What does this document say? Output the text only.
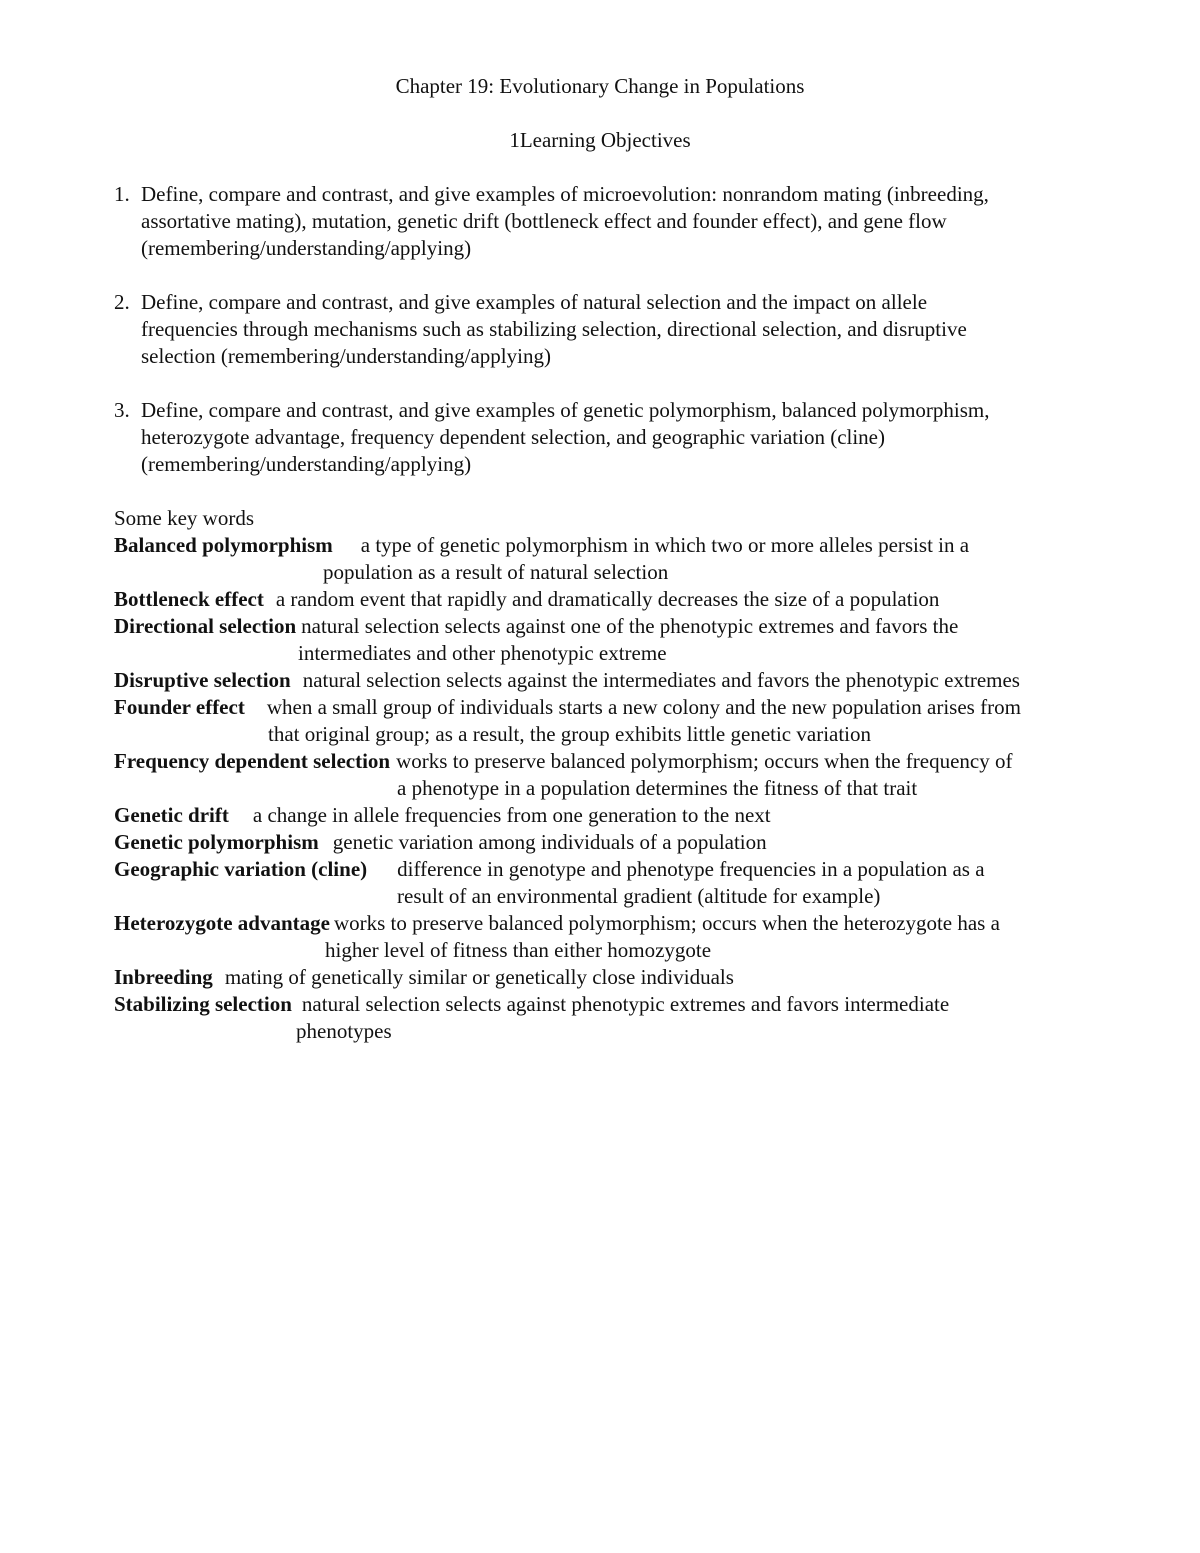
Chapter 19: Evolutionary Change in Populations
1Learning Objectives
1. Define, compare and contrast, and give examples of microevolution: nonrandom mating (inbreeding,
assortative mating), mutation, genetic drift (bottleneck effect and founder effect), and gene flow
(remembering/understanding/applying)
2. Define, compare and contrast, and give examples of natural selection and the impact on allele
frequencies through mechanisms such as stabilizing selection, directional selection, and disruptive
selection (remembering/understanding/applying)
3. Define, compare and contrast, and give examples of genetic polymorphism, balanced polymorphism,
heterozygote advantage, frequency dependent selection, and geographic variation (cline)
(remembering/understanding/applying)
Some key words
Balanced polymorphism a type of genetic polymorphism in which two or more alleles persist in a
population as a result of natural selection
Bottleneck effect a random event that rapidly and dramatically decreases the size of a population
Directional selection natural selection selects against one of the phenotypic extremes and favors the
intermediates and other phenotypic extreme
Disruptive selection natural selection selects against the intermediates and favors the phenotypic extremes
Founder effect when a small group of individuals starts a new colony and the new population arises from
that original group; as a result, the group exhibits little genetic variation
Frequency dependent selection works to preserve balanced polymorphism; occurs when the frequency of
a phenotype in a population determines the fitness of that trait
Genetic drift a change in allele frequencies from one generation to the next
Genetic polymorphism genetic variation among individuals of a population
Geographic variation (cline) difference in genotype and phenotype frequencies in a population as a
result of an environmental gradient (altitude for example)
Heterozygote advantage works to preserve balanced polymorphism; occurs when the heterozygote has a
higher level of fitness than either homozygote
Inbreeding mating of genetically similar or genetically close individuals
Stabilizing selection natural selection selects against phenotypic extremes and favors intermediate
phenotypes
